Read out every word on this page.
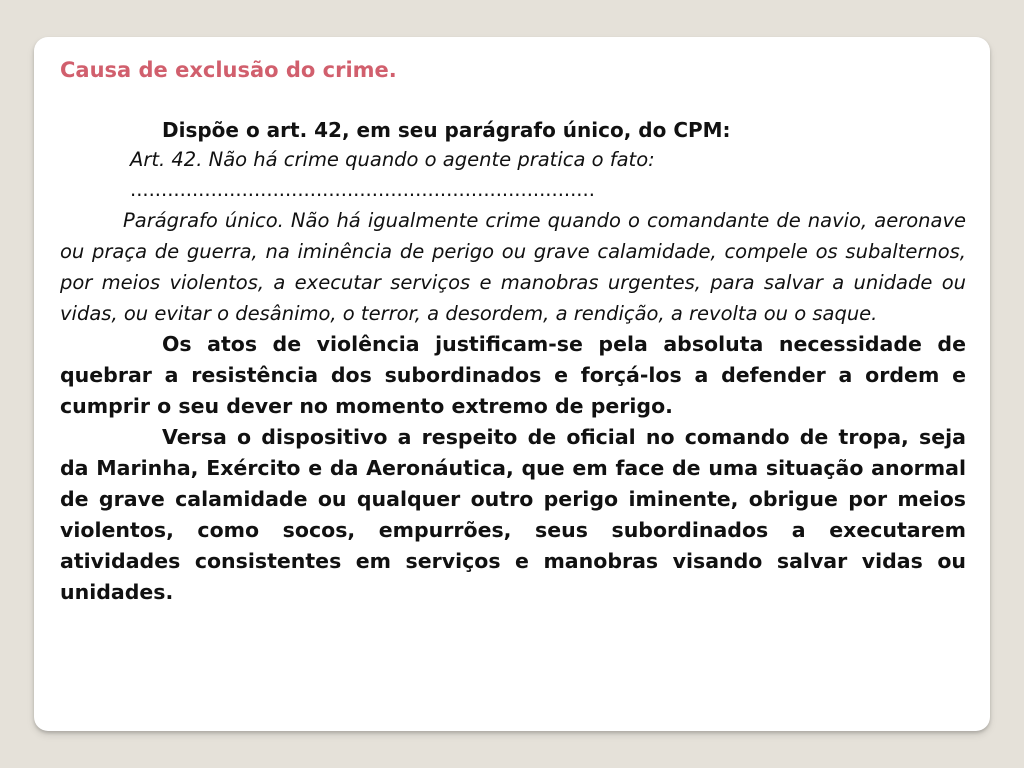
Causa de exclusão do crime.
Dispõe o art. 42, em seu parágrafo único, do CPM:
Art. 42. Não há crime quando o agente pratica o fato:
...........................................................................

Parágrafo único. Não há igualmente crime quando o comandante de navio, aeronave ou praça de guerra, na iminência de perigo ou grave calamidade, compele os subalternos, por meios violentos, a executar serviços e manobras urgentes, para salvar a unidade ou vidas, ou evitar o desânimo, o terror, a desordem, a rendição, a revolta ou o saque.

Os atos de violência justificam-se pela absoluta necessidade de quebrar a resistência dos subordinados e forçá-los a defender a ordem e cumprir o seu dever no momento extremo de perigo.

Versa o dispositivo a respeito de oficial no comando de tropa, seja da Marinha, Exército e da Aeronáutica, que em face de uma situação anormal de grave calamidade ou qualquer outro perigo iminente, obrigue por meios violentos, como socos, empurrões, seus subordinados a executarem atividades consistentes em serviços e manobras visando salvar vidas ou unidades.
